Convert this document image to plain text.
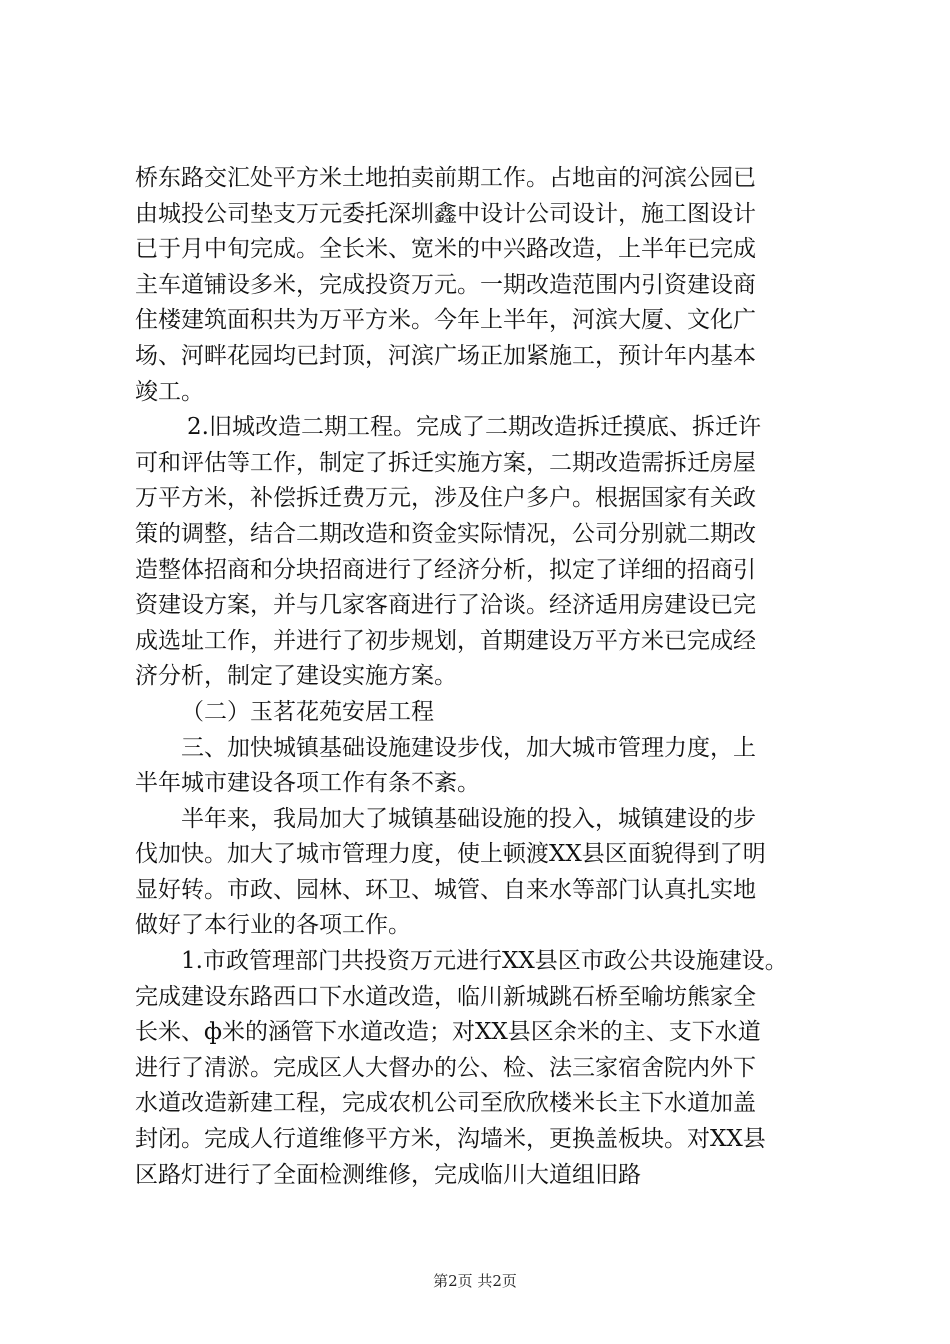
桥东路交汇处平方米土地拍卖前期工作。占地亩的河滨公园已
由城投公司垫支万元委托深圳鑫中设计公司设计，施工图设计
已于月中旬完成。全长米、宽米的中兴路改造，上半年已完成
主车道铺设多米，完成投资万元。一期改造范围内引资建设商
住楼建筑面积共为万平方米。今年上半年，河滨大厦、文化广
场、河畔花园均已封顶，河滨广场正加紧施工，预计年内基本
竣工。
2.旧城改造二期工程。完成了二期改造拆迁摸底、拆迁许
可和评估等工作，制定了拆迁实施方案，二期改造需拆迁房屋
万平方米，补偿拆迁费万元，涉及住户多户。根据国家有关政
策的调整，结合二期改造和资金实际情况，公司分别就二期改
造整体招商和分块招商进行了经济分析，拟定了详细的招商引
资建设方案，并与几家客商进行了洽谈。经济适用房建设已完
成选址工作，并进行了初步规划，首期建设万平方米已完成经
济分析，制定了建设实施方案。
（二）玉茗花苑安居工程
三、加快城镇基础设施建设步伐，加大城市管理力度，上
半年城市建设各项工作有条不紊。
半年来，我局加大了城镇基础设施的投入，城镇建设的步
伐加快。加大了城市管理力度，使上顿渡XX县区面貌得到了明
显好转。市政、园林、环卫、城管、自来水等部门认真扎实地
做好了本行业的各项工作。
1.市政管理部门共投资万元进行XX县区市政公共设施建设。
完成建设东路西口下水道改造，临川新城跳石桥至喻坊熊家全
长米、ф米的涵管下水道改造；对XX县区余米的主、支下水道
进行了清淤。完成区人大督办的公、检、法三家宿舍院内外下
水道改造新建工程，完成农机公司至欣欣楼米长主下水道加盖
封闭。完成人行道维修平方米，沟墙米，更换盖板块。对XX县
区路灯进行了全面检测维修，完成临川大道组旧路
第2页 共2页
